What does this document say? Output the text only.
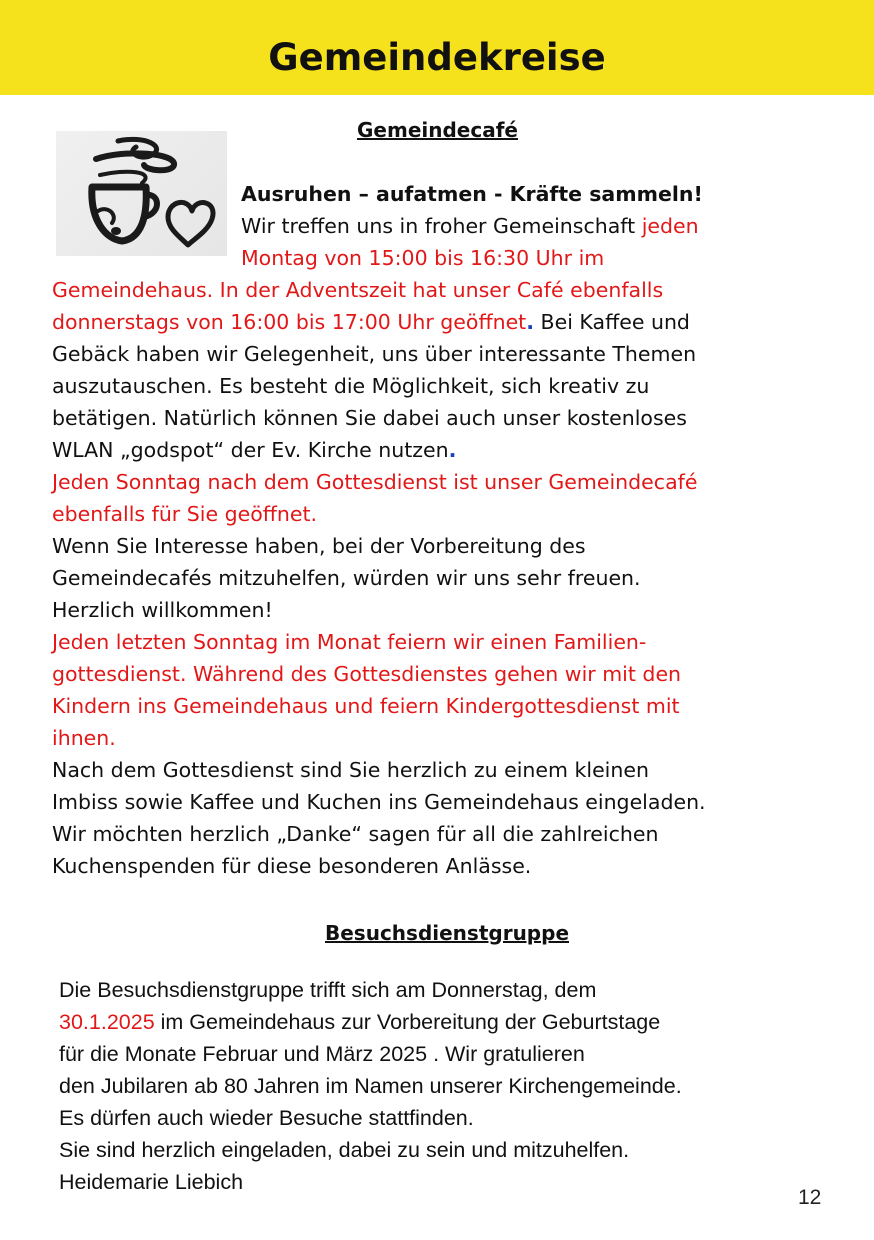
Gemeindekreise
Gemeindecafé
Ausruhen – aufatmen - Kräfte sammeln!
Wir treffen uns in froher Gemeinschaft jeden
Montag von 15:00 bis 16:30 Uhr im
Gemeindehaus. In der Adventszeit hat unser Café ebenfalls
donnerstags von 16:00 bis 17:00 Uhr geöffnet. Bei Kaffee und
Gebäck haben wir Gelegenheit, uns über interessante Themen
auszutauschen. Es besteht die Möglichkeit, sich kreativ zu
betätigen. Natürlich können Sie dabei auch unser kostenloses
WLAN „godspot“ der Ev. Kirche nutzen.
Jeden Sonntag nach dem Gottesdienst ist unser Gemeindecafé
ebenfalls für Sie geöffnet.
Wenn Sie Interesse haben, bei der Vorbereitung des
Gemeindecafés mitzuhelfen, würden wir uns sehr freuen.
Herzlich willkommen!
Jeden letzten Sonntag im Monat feiern wir einen Familien-
gottesdienst. Während des Gottesdienstes gehen wir mit den
Kindern ins Gemeindehaus und feiern Kindergottesdienst mit
ihnen.
Nach dem Gottesdienst sind Sie herzlich zu einem kleinen
Imbiss sowie Kaffee und Kuchen ins Gemeindehaus eingeladen.
Wir möchten herzlich „Danke“ sagen für all die zahlreichen
Kuchenspenden für diese besonderen Anlässe.
Besuchsdienstgruppe
Die Besuchsdienstgruppe trifft sich am Donnerstag, dem
30.1.2025 im Gemeindehaus zur Vorbereitung der Geburtstage
für die Monate Februar und März 2025 . Wir gratulieren
den Jubilaren ab 80 Jahren im Namen unserer Kirchengemeinde.
Es dürfen auch wieder Besuche stattfinden.
Sie sind herzlich eingeladen, dabei zu sein und mitzuhelfen.
Heidemarie Liebich
12
